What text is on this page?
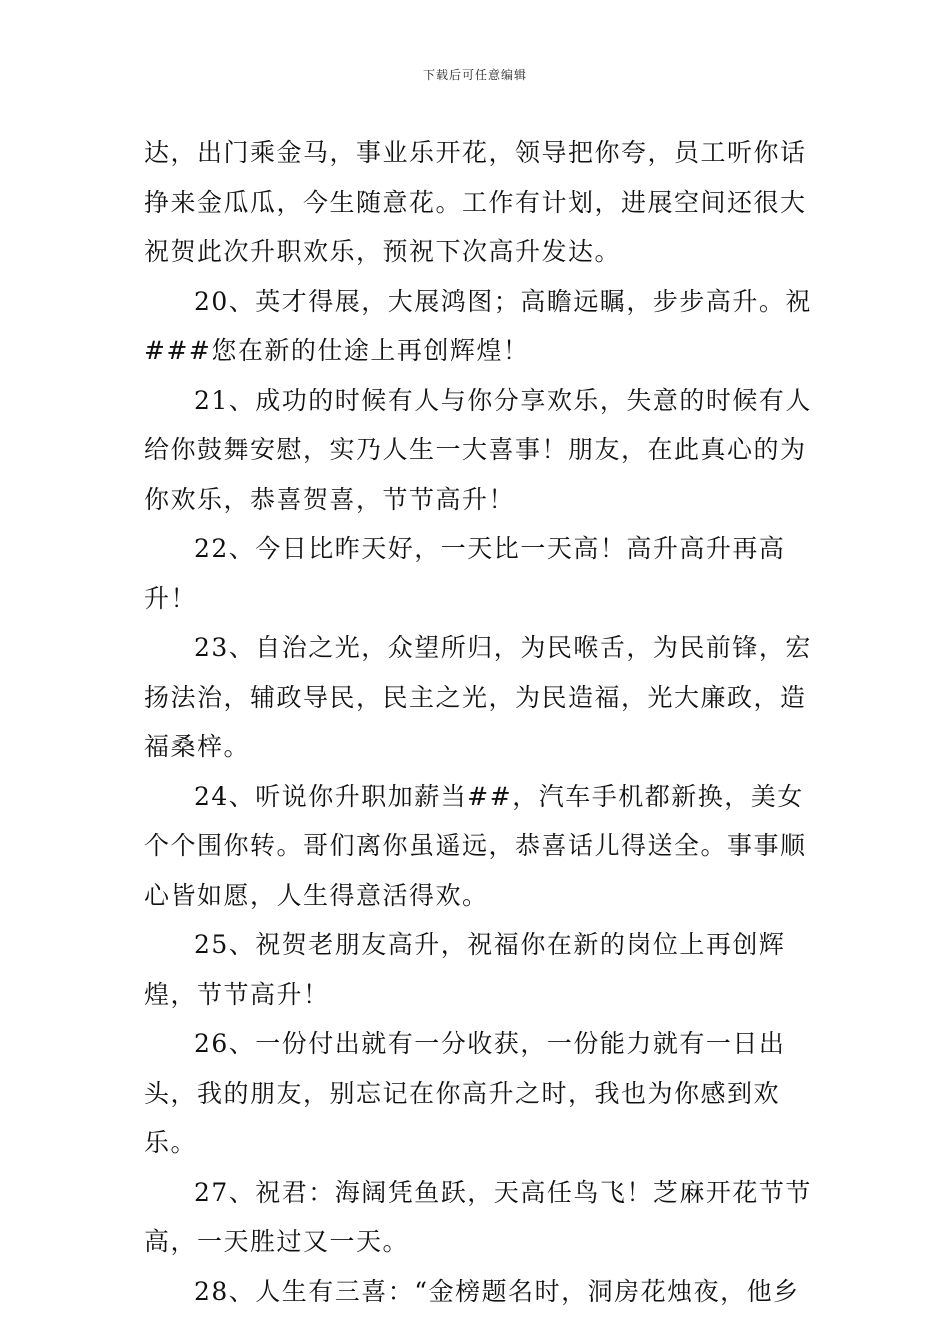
下载后可任意编辑

达，出门乘金马，事业乐开花，领导把你夸，员工听你话挣来金瓜瓜，今生随意花。工作有计划，进展空间还很大祝贺此次升职欢乐，预祝下次高升发达。

20、英才得展，大展鸿图；高瞻远瞩，步步高升。祝###您在新的仕途上再创辉煌！

21、成功的时候有人与你分享欢乐，失意的时候有人给你鼓舞安慰，实乃人生一大喜事！朋友，在此真心的为你欢乐，恭喜贺喜，节节高升！

22、今日比昨天好，一天比一天高！高升高升再高升！

23、自治之光，众望所归，为民喉舌，为民前锋，宏扬法治，辅政导民，民主之光，为民造福，光大廉政，造福桑梓。

24、听说你升职加薪当##，汽车手机都新换，美女个个围你转。哥们离你虽遥远，恭喜话儿得送全。事事顺心皆如愿，人生得意活得欢。

25、祝贺老朋友高升，祝福你在新的岗位上再创辉煌，节节高升！

26、一份付出就有一分收获，一份能力就有一日出头，我的朋友，别忘记在你高升之时，我也为你感到欢乐。

27、祝君：海阔凭鱼跃，天高任鸟飞！芝麻开花节节高，一天胜过又一天。

28、人生有三喜：“金榜题名时，洞房花烛夜，他乡
